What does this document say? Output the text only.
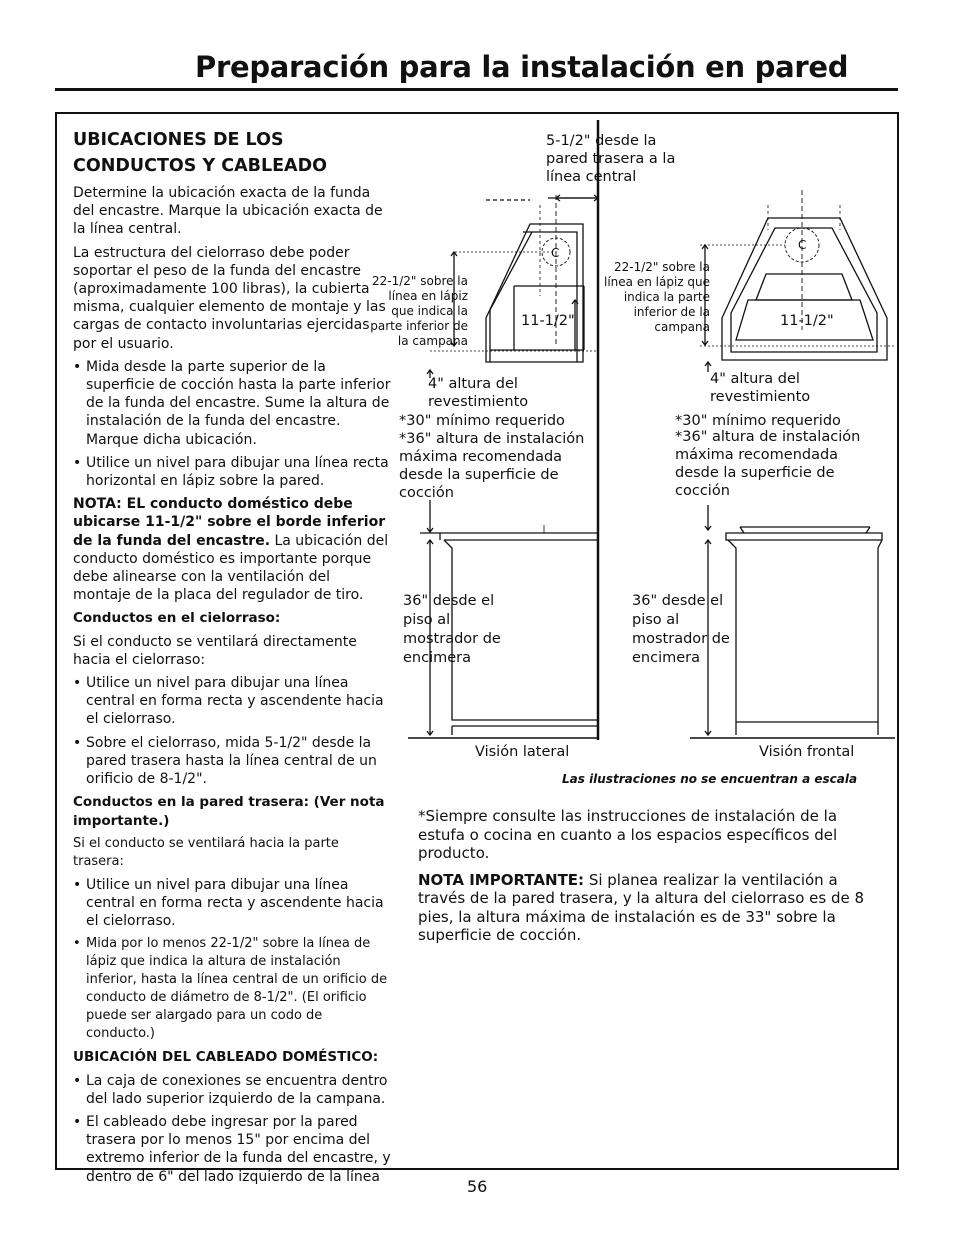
Preparación para la instalación en pared
UBICACIONES DE LOS
CONDUCTOS Y CABLEADO

Determine la ubicación exacta de la funda del encastre. Marque la ubicación exacta de la línea central.

La estructura del cielorraso debe poder soportar el peso de la funda del encastre (aproximadamente 100 libras), la cubierta misma, cualquier elemento de montaje y las cargas de contacto involuntarias ejercidas por el usuario.

• Mida desde la parte superior de la superficie de cocción hasta la parte inferior de la funda del encastre. Sume la altura de instalación de la funda del encastre. Marque dicha ubicación.
• Utilice un nivel para dibujar una línea recta horizontal en lápiz sobre la pared.

NOTA: EL conducto doméstico debe ubicarse 11-1/2" sobre el borde inferior de la funda del encastre. La ubicación del conducto doméstico es importante porque debe alinearse con la ventilación del montaje de la placa del regulador de tiro.

Conductos en el cielorraso:

Si el conducto se ventilará directamente hacia el cielorraso:

• Utilice un nivel para dibujar una línea central en forma recta y ascendente hacia el cielorraso.
• Sobre el cielorraso, mida 5-1/2" desde la pared trasera hasta la línea central de un orificio de 8-1/2".

Conductos en la pared trasera: (Ver nota importante.)

Si el conducto se ventilará hacia la parte trasera:

• Utilice un nivel para dibujar una línea central en forma recta y ascendente hacia el cielorraso.
• Mida por lo menos 22-1/2" sobre la línea de lápiz que indica la altura de instalación inferior, hasta la línea central de un orificio de conducto de diámetro de 8-1/2". (El orificio puede ser alargado para un codo de conducto.)

UBICACIÓN DEL CABLEADO DOMÉSTICO:

• La caja de conexiones se encuentra dentro del lado superior izquierdo de la campana.
• El cableado debe ingresar por la pared trasera por lo menos 15" por encima del extremo inferior de la funda del encastre, y dentro de 6" del lado izquierdo de la línea
5-1/2" desde la pared trasera a la línea central
22-1/2" sobre la línea en lápiz que indica la parte inferior de la campana
C
11-1/2"
4" altura del revestimiento
*30" mínimo requerido
*36" altura de instalación máxima recomendada desde la superficie de cocción
36" desde el piso al mostrador de encimera
Visión lateral
22-1/2" sobre la línea en lápiz que indica la parte inferior de la campana
C
11-1/2"
4" altura del revestimiento
*30" mínimo requerido
*36" altura de instalación máxima recomendada desde la superficie de cocción
36" desde el piso al mostrador de encimera
Visión frontal
Las ilustraciones no se encuentran a escala

*Siempre consulte las instrucciones de instalación de la estufa o cocina en cuanto a los espacios específicos del producto.

NOTA IMPORTANTE: Si planea realizar la ventilación a través de la pared trasera, y la altura del cielorraso es de 8 pies, la altura máxima de instalación es de 33" sobre la superficie de cocción.

56
